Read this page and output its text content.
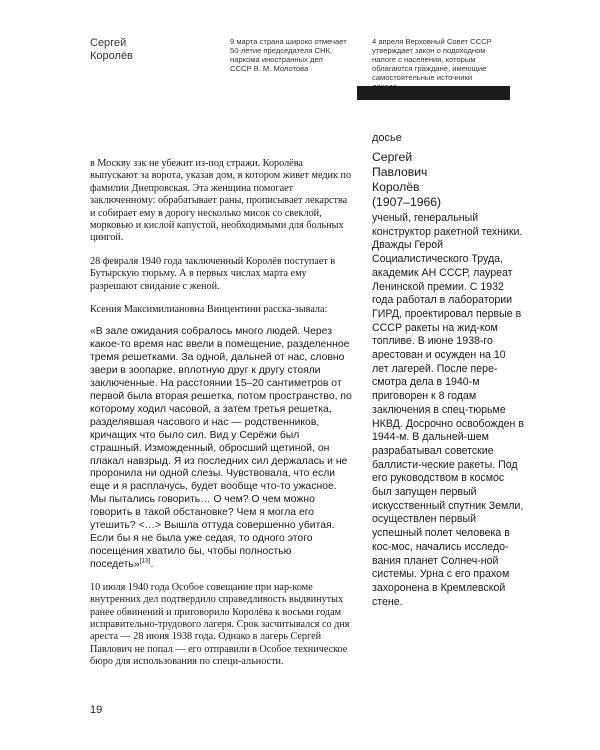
Сергей
Королёв
9 марта страна широко отмечает
50-летие председателя СНК,
наркома иностранных дел
СССР В. М. Молотова
4 апреля Верховный Совет СССР
утверждает закон о подоходном
налоге с населения, которым
облагаются граждане, имеющие
самостоятельные источники

в Москву зэк не убежит из-под стражи. Королёва выпускают за ворота, указав дом, в котором живет медик по фамилии Днепровская. Эта женщина помогает заключенному: обрабатывает раны, прописывает лекарства и собирает ему в дорогу несколько мисок со свеклой, морковью и кислой капустой, необходимыми для больных цингой.

28 февраля 1940 года заключенный Королёв поступает в Бутырскую тюрьму. А в первых числах марта ему разрешают свидание с женой.

Ксения Максимилиановна Винцентини расска-зывала:

«В зале ожидания собралось много людей. Через какое-то время нас ввели в помещение, разделенное тремя решетками. За одной, дальней от нас, словно звери в зоопарке, вплотную друг к другу стояли заключенные. На расстоянии 15–20 сантиметров от первой была вторая решетка, потом пространство, по которому ходил часовой, а затем третья решетка, разделявшая часового и нас — родственников, кричащих что было сил. Вид у Серёжи был страшный. Изможденный, обросший щетиной, он плакал навзрыд. Я из последних сил держалась и не проронила ни одной слезы. Чувствовала, что если еще и я расплачусь, будет вообще что-то ужасное. Мы пытались говорить… О чем? О чем можно говорить в такой обстановке? Чем я могла его утешить? <…> Вышла оттуда совершенно убитая. Если бы я не была уже седая, то одного этого посещения хватило бы, чтобы полностью поседеть»[13].

10 июля 1940 года Особое совещание при нар-коме внутренних дел подтвердило справедливость выдвинутых ранее обвинений и приговорило Королёва к восьми годам исправительно-трудового лагеря. Срок засчитывался со дня ареста — 28 июня 1938 года. Однако в лагерь Сергей Павлович не попал — его отправили в Особое техническое бюро для использования по специ-альности.

досье
Сергей
Павлович
Королёв
(1907–1966)

ученый, генеральный конструктор ракетной техники. Дважды Герой Социалистического Труда, академик АН СССР, лауреат Ленинской премии. С 1932 года работал в лаборатории ГИРД, проектировал первые в СССР ракеты на жид-ком топливе. В июне 1938-го арестован и осужден на 10 лет лагерей. После пере-смотра дела в 1940-м приговорен к 8 годам заключения в спец-тюрьме НКВД. Досрочно освобожден в 1944-м. В дальней-шем разрабатывал советские баллисти-ческие ракеты. Под его руководством в космос был запущен первый искусственный спутник Земли, осуществлен первый успешный полет человека в кос-мос, начались исследо-вания планет Солнеч-ной системы. Урна с его прахом захоронена в Кремлевской стене.

19
